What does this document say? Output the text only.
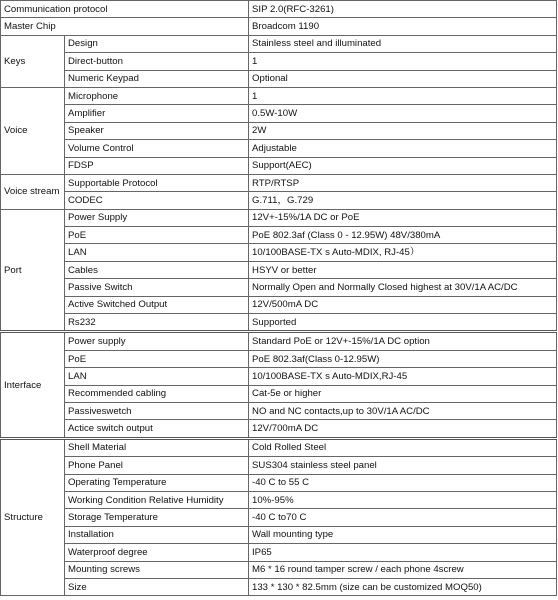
Communication protocol		SIP 2.0(RFC-3261)
Master Chip		Broadcom 1190
Keys	Design	Stainless steel and illuminated
	Direct-button	1
	Numeric Keypad	Optional
Voice	Microphone	1
	Amplifier	0.5W-10W
	Speaker	2W
	Volume Control	Adjustable
	FDSP	Support(AEC)
Voice stream	Supportable Protocol	RTP/RTSP
	CODEC	G.711，G.729
Port	Power Supply	12V+-15%/1A DC or PoE
	PoE	PoE 802.3af (Class 0 - 12.95W) 48V/380mA
	LAN	10/100BASE-TX s Auto-MDIX, RJ-45）
	Cables	HSYV or better
	Passive Switch	Normally Open and Normally Closed highest at 30V/1A AC/DC
	Active Switched Output	12V/500mA DC
	Rs232	Supported
Interface	Power supply	Standard PoE or 12V+-15%/1A DC option
	PoE	PoE 802.3af(Class 0-12.95W)
	LAN	10/100BASE-TX s Auto-MDIX,RJ-45
	Recommended cabling	Cat-5e or higher
	Passiveswetch	NO and NC contacts,up to 30V/1A AC/DC
	Actice switch output	12V/700mA DC
Structure	Shell Material	Cold Rolled Steel
	Phone Panel	SUS304 stainless steel panel
	Operating Temperature	-40 C to 55 C
	Working Condition Relative Humidity	10%-95%
	Storage Temperature	-40 C to70 C
	Installation	Wall mounting type
	Waterproof degree	IP65
	Mounting screws	M6 * 16 round tamper screw / each phone 4screw
	Size	133 * 130 * 82.5mm (size can be customized MOQ50)
